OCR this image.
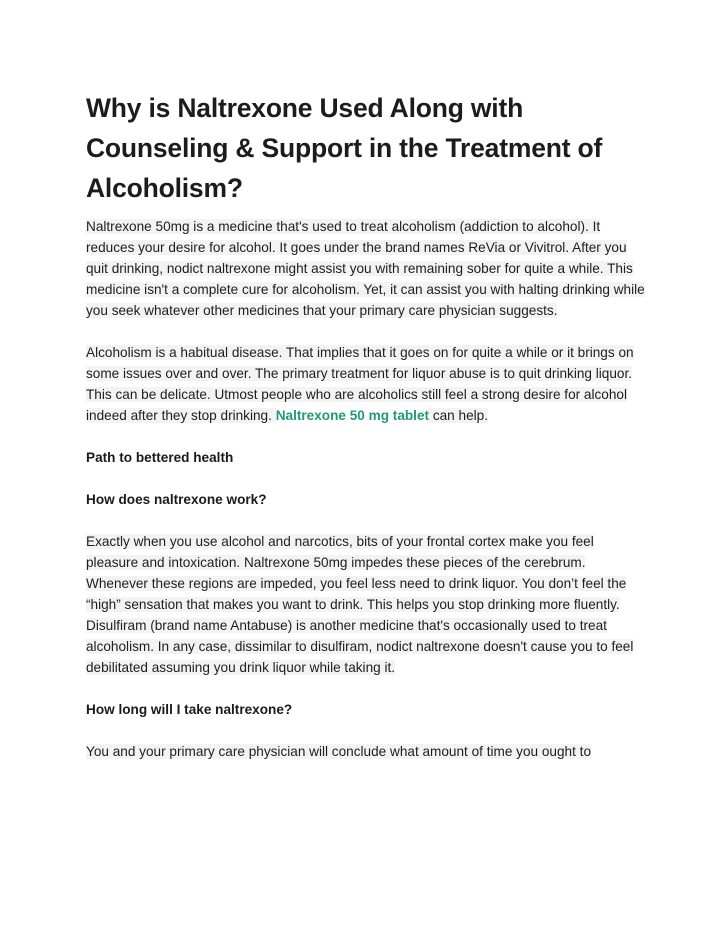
Why is Naltrexone Used Along with Counseling & Support in the Treatment of Alcoholism?

Naltrexone 50mg is a medicine that's used to treat alcoholism (addiction to alcohol). It reduces your desire for alcohol. It goes under the brand names ReVia or Vivitrol. After you quit drinking, nodict naltrexone might assist you with remaining sober for quite a while. This medicine isn't a complete cure for alcoholism. Yet, it can assist you with halting drinking while you seek whatever other medicines that your primary care physician suggests.

Alcoholism is a habitual disease. That implies that it goes on for quite a while or it brings on some issues over and over. The primary treatment for liquor abuse is to quit drinking liquor. This can be delicate. Utmost people who are alcoholics still feel a strong desire for alcohol indeed after they stop drinking. Naltrexone 50 mg tablet can help.

Path to bettered health

How does naltrexone work?

Exactly when you use alcohol and narcotics, bits of your frontal cortex make you feel pleasure and intoxication. Naltrexone 50mg impedes these pieces of the cerebrum. Whenever these regions are impeded, you feel less need to drink liquor. You don’t feel the “high” sensation that makes you want to drink. This helps you stop drinking more fluently. Disulfiram (brand name Antabuse) is another medicine that's occasionally used to treat alcoholism. In any case, dissimilar to disulfiram, nodict naltrexone doesn't cause you to feel debilitated assuming you drink liquor while taking it.

How long will I take naltrexone?

You and your primary care physician will conclude what amount of time you ought to
